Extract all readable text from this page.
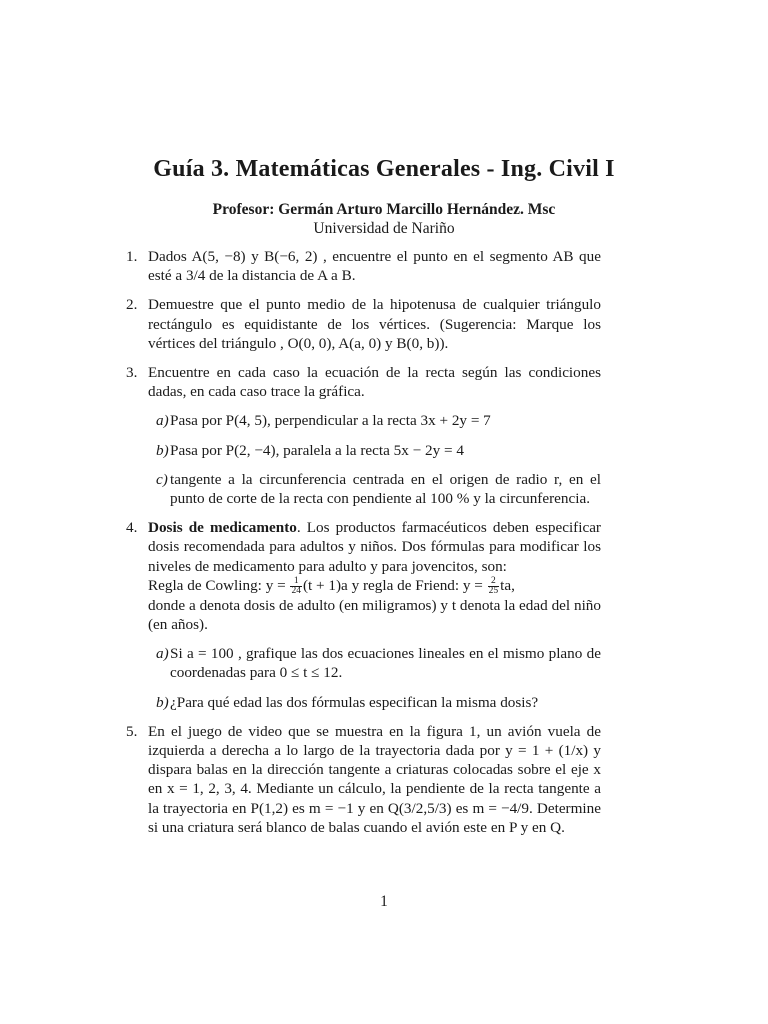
Guía 3. Matemáticas Generales - Ing. Civil I
Profesor: Germán Arturo Marcillo Hernández. Msc
Universidad de Nariño
1. Dados A(5, −8) y B(−6, 2) , encuentre el punto en el segmento AB que esté a 3/4 de la distancia de A a B.
2. Demuestre que el punto medio de la hipotenusa de cualquier triángulo rectángulo es equidistante de los vértices. (Sugerencia: Marque los vértices del triángulo , O(0, 0), A(a, 0) y B(0, b)).
3. Encuentre en cada caso la ecuación de la recta según las condiciones dadas, en cada caso trace la gráfica.
a) Pasa por P(4, 5), perpendicular a la recta 3x + 2y = 7
b) Pasa por P(2, −4), paralela a la recta 5x − 2y = 4
c) tangente a la circunferencia centrada en el origen de radio r, en el punto de corte de la recta con pendiente al 100 % y la circunferencia.
4. Dosis de medicamento. Los productos farmacéuticos deben especificar dosis recomendada para adultos y niños. Dos fórmulas para modificar los niveles de medicamento para adulto y para jovencitos, son:
Regla de Cowling: $y = \frac{1}{24} (t + 1)a$ y regla de Friend: $y = \frac{2}{25}$ ta,
donde a denota dosis de adulto (en miligramos) y t denota la edad del niño (en años).
a) Si a = 100 , grafique las dos ecuaciones lineales en el mismo plano de coordenadas para 0 ≤ t ≤ 12.
b) ¿Para qué edad las dos fórmulas especifican la misma dosis?
5. En el juego de video que se muestra en la figura 1, un avión vuela de izquierda a derecha a lo largo de la trayectoria dada por y = 1 + (1/x) y dispara balas en la dirección tangente a criaturas colocadas sobre el eje x en x = 1, 2, 3, 4. Mediante un cálculo, la pendiente de la recta tangente a la trayectoria en P(1,2) es m = −1 y en Q(3/2,5/3) es m = −4/9. Determine si una criatura será blanco de balas cuando el avión este en P y en Q.
1
